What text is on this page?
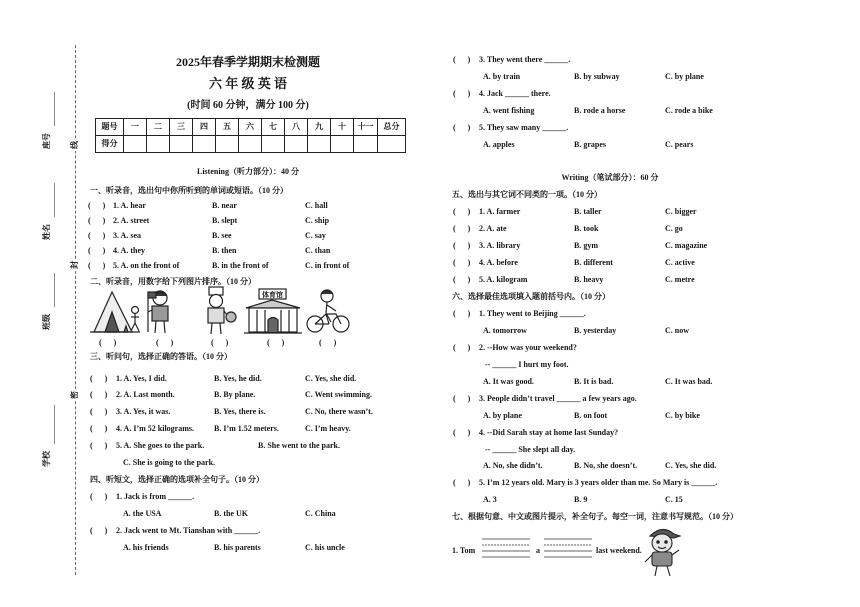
座号
姓名
班级
学校
线
封
密
2025年春季学期期末检测题
六 年 级 英 语
(时间 60 分钟，满分 100 分)
题号	一	二	三	四	五	六	七	八	九	十	十一	总分
得分												
Listening（听力部分）：40 分
一、听录音，选出句中你所听到的单词或短语。（10 分）
(      ) 1. A. hear	B. near	C. hall
(      ) 2. A. street	B. slept	C. ship
(      ) 3. A. sea	B. see	C. say
(      ) 4. A. they	B. then	C. than
(      ) 5. A. on the front of	B. in the front of	C. in front of
二、听录音，用数字给下列图片排序。（10 分）
体育馆
(      )	(      )	(      )	(      )	(      )
三、听问句，选择正确的答语。（10 分）
(      ) 1. A. Yes, I did.	B. Yes, he did.	C. Yes, she did.
(      ) 2. A. Last month.	B. By plane.	C. Went swimming.
(      ) 3. A. Yes, it was.	B. Yes, there is.	C. No, there wasn’t.
(      ) 4. A. I’m 52 kilograms.	B. I’m 1.52 meters.	C. I’m heavy.
(      ) 5. A. She goes to the park.	B. She went to the park.
C. She is going to the park.
四、听短文，选择正确的选项补全句子。（10 分）
(      ) 1. Jack is from ______.
A. the USA	B. the UK	C. China
(      ) 2. Jack went to Mt. Tianshan with ______.
A. his friends	B. his parents	C. his uncle
(      ) 3. They went there ______.
A. by train	B. by subway	C. by plane
(      ) 4. Jack ______ there.
A. went fishing	B. rode a horse	C. rode a bike
(      ) 5. They saw many ______.
A. apples	B. grapes	C. pears
Writing（笔试部分）：60 分
五、选出与其它词不同类的一项。（10 分）
(      ) 1. A. farmer	B. taller	C. bigger
(      ) 2. A. ate	B. took	C. go
(      ) 3. A. library	B. gym	C. magazine
(      ) 4. A. before	B. different	C. active
(      ) 5. A. kilogram	B. heavy	C. metre
六、选择最佳选项填入题前括号内。（10 分）
(      ) 1. They went to Beijing ______.
A. tomorrow	B. yesterday	C. now
(      ) 2. --How was your weekend?
-- ______ I hurt my foot.
A. It was good.	B. It is bad.	C. It was bad.
(      ) 3. People didn’t travel ______ a few years ago.
A. by plane	B. on foot	C. by bike
(      ) 4. --Did Sarah stay at home last Sunday?
-- ______ She slept all day.
A. No, she didn’t.	B. No, she doesn’t.	C. Yes, she did.
(      ) 5. I’m 12 years old. Mary is 3 years older than me. So Mary is ______.
A. 3	B. 9	C. 15
七、根据句意、中文或图片提示，补全句子。每空一词，注意书写规范。（10 分）
1. Tom	a	last weekend.
